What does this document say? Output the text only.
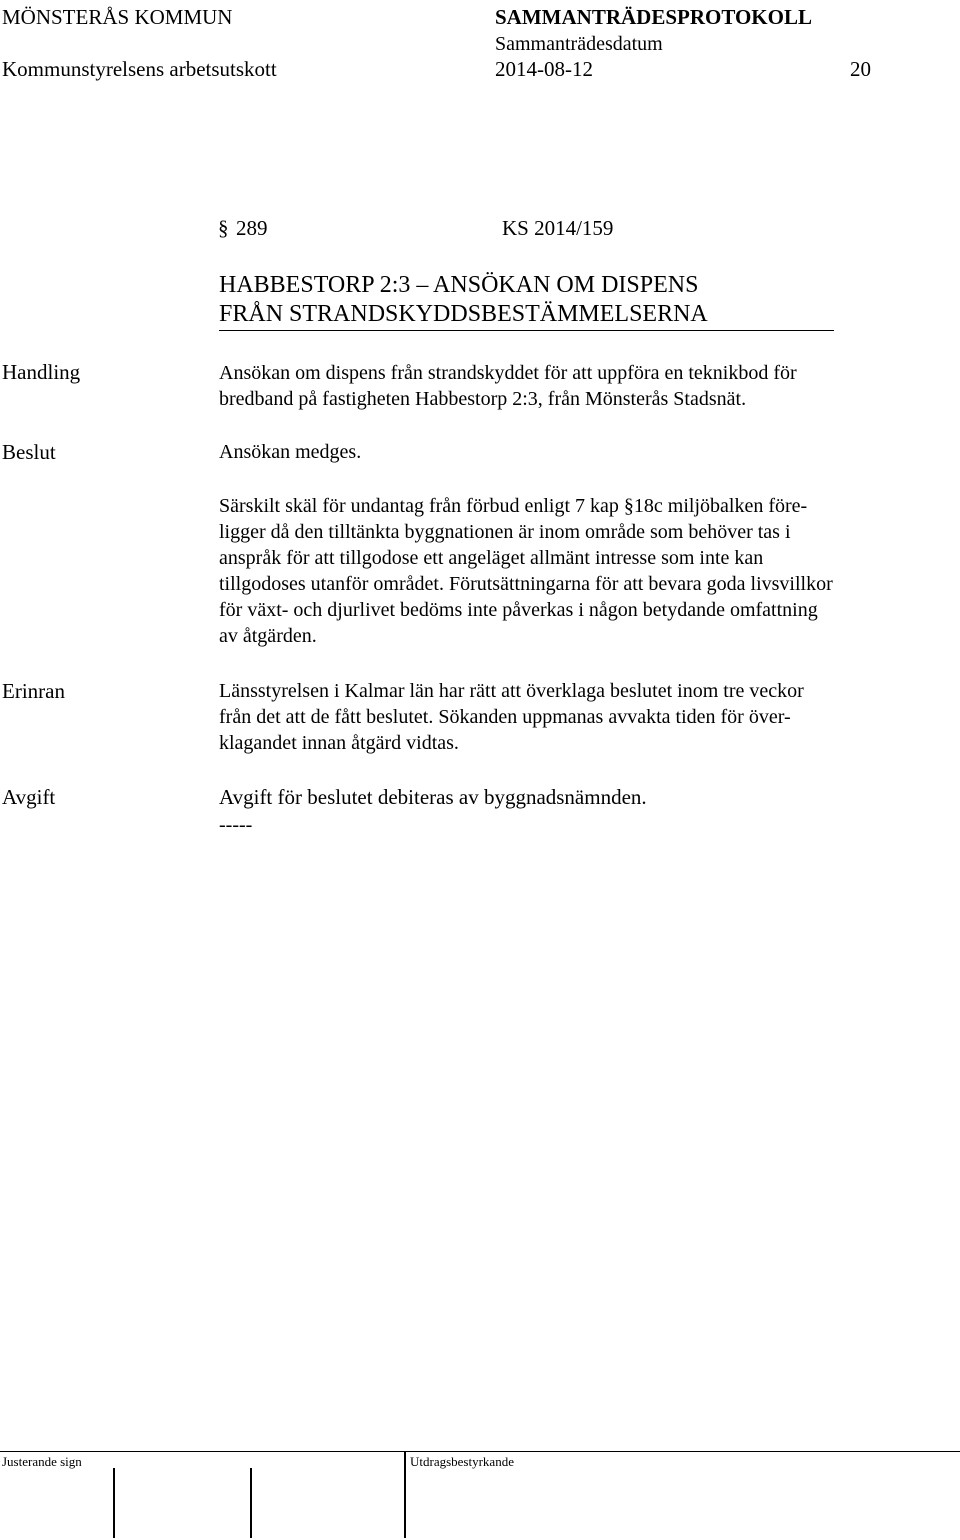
MÖNSTERÅS KOMMUN	SAMMANTRÄDESPROTOKOLL
Sammanträdesdatum
Kommunstyrelsens arbetsutskott	2014-08-12	20
§ 289	KS 2014/159
HABBESTORP 2:3 – ANSÖKAN OM DISPENS
FRÅN STRANDSKYDDSBESTÄMMELSERNA
Handling	Ansökan om dispens från strandskyddet för att uppföra en teknikbod för
bredband på fastigheten Habbestorp 2:3, från Mönsterås Stadsnät.
Beslut	Ansökan medges.
Särskilt skäl för undantag från förbud enligt 7 kap §18c miljöbalken före-
ligger då den tilltänkta byggnationen är inom område som behöver tas i
anspråk för att tillgodose ett angeläget allmänt intresse som inte kan
tillgodoses utanför området. Förutsättningarna för att bevara goda livsvillkor
för växt- och djurlivet bedöms inte påverkas i någon betydande omfattning
av åtgärden.
Erinran	Länsstyrelsen i Kalmar län har rätt att överklaga beslutet inom tre veckor
från det att de fått beslutet. Sökanden uppmanas avvakta tiden för över-
klagandet innan åtgärd vidtas.
Avgift	Avgift för beslutet debiteras av byggnadsnämnden.
-----
Justerande sign	Utdragsbestyrkande
